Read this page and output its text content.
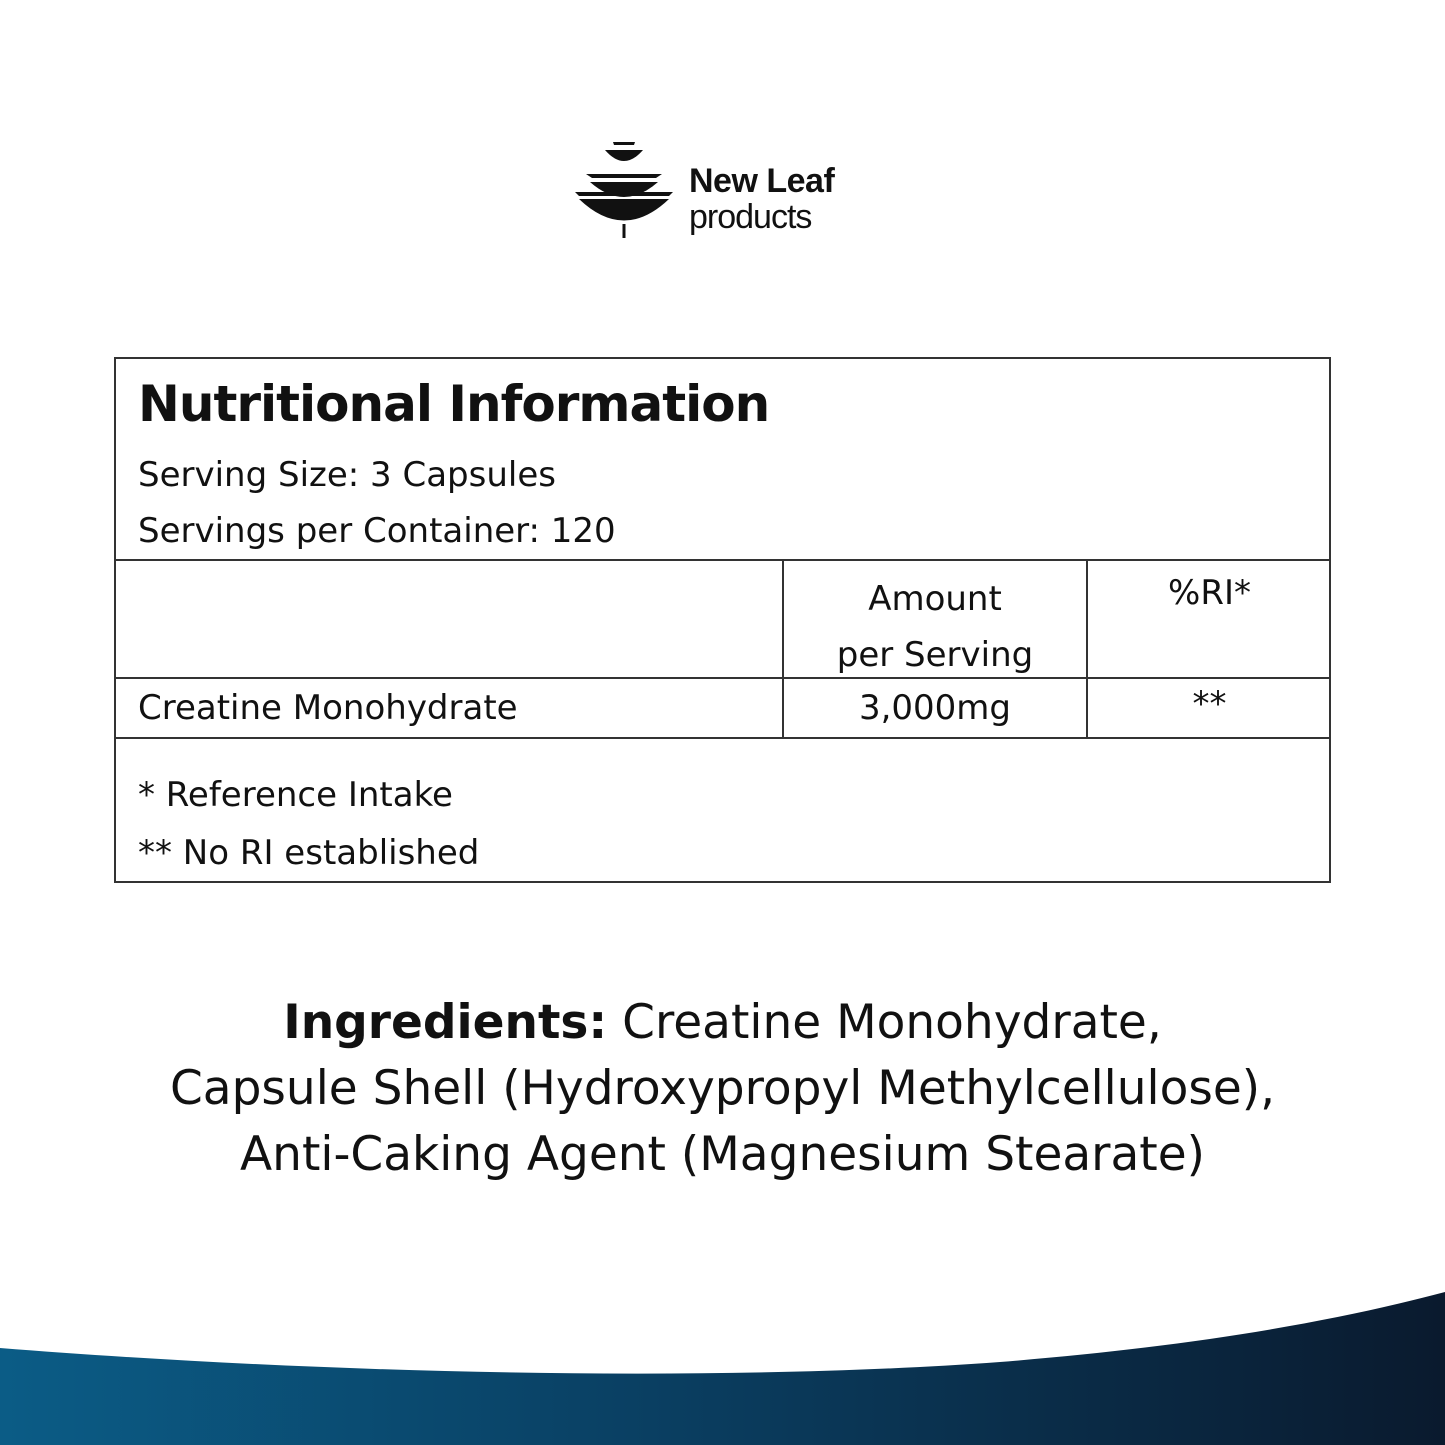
New Leaf
products
Nutritional Information
Serving Size: 3 Capsules
Servings per Container: 120
Amount
per Serving
%RI*
Creatine Monohydrate	3,000mg	**
* Reference Intake
** No RI established
Ingredients: Creatine Monohydrate,
Capsule Shell (Hydroxypropyl Methylcellulose),
Anti-Caking Agent (Magnesium Stearate)
